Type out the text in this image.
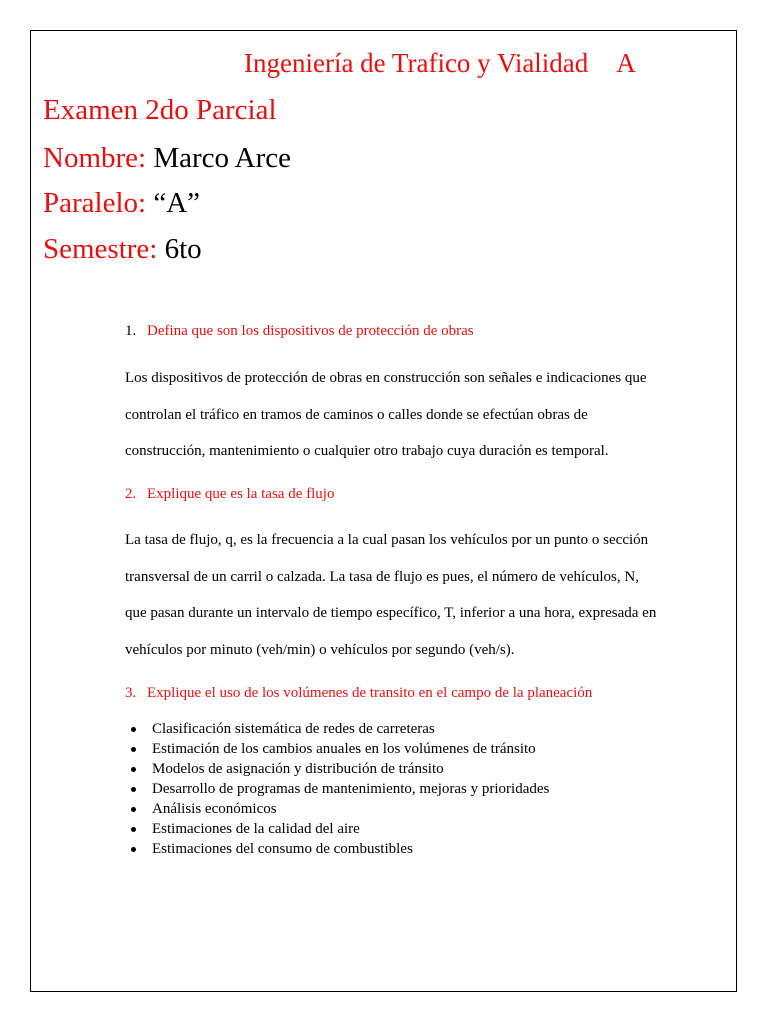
Ingeniería de Trafico y Vialidad A
Examen 2do Parcial
Nombre: Marco Arce
Paralelo: “A”
Semestre: 6to
1. Defina que son los dispositivos de protección de obras
Los dispositivos de protección de obras en construcción son señales e indicaciones que
controlan el tráfico en tramos de caminos o calles donde se efectúan obras de
construcción, mantenimiento o cualquier otro trabajo cuya duración es temporal.
2. Explique que es la tasa de flujo
La tasa de flujo, q, es la frecuencia a la cual pasan los vehículos por un punto o sección
transversal de un carril o calzada. La tasa de flujo es pues, el número de vehículos, N,
que pasan durante un intervalo de tiempo específico, T, inferior a una hora, expresada en
vehículos por minuto (veh/min) o vehículos por segundo (veh/s).
3. Explique el uso de los volúmenes de transito en el campo de la planeación
Clasificación sistemática de redes de carreteras
Estimación de los cambios anuales en los volúmenes de tránsito
Modelos de asignación y distribución de tránsito
Desarrollo de programas de mantenimiento, mejoras y prioridades
Análisis económicos
Estimaciones de la calidad del aire
Estimaciones del consumo de combustibles
